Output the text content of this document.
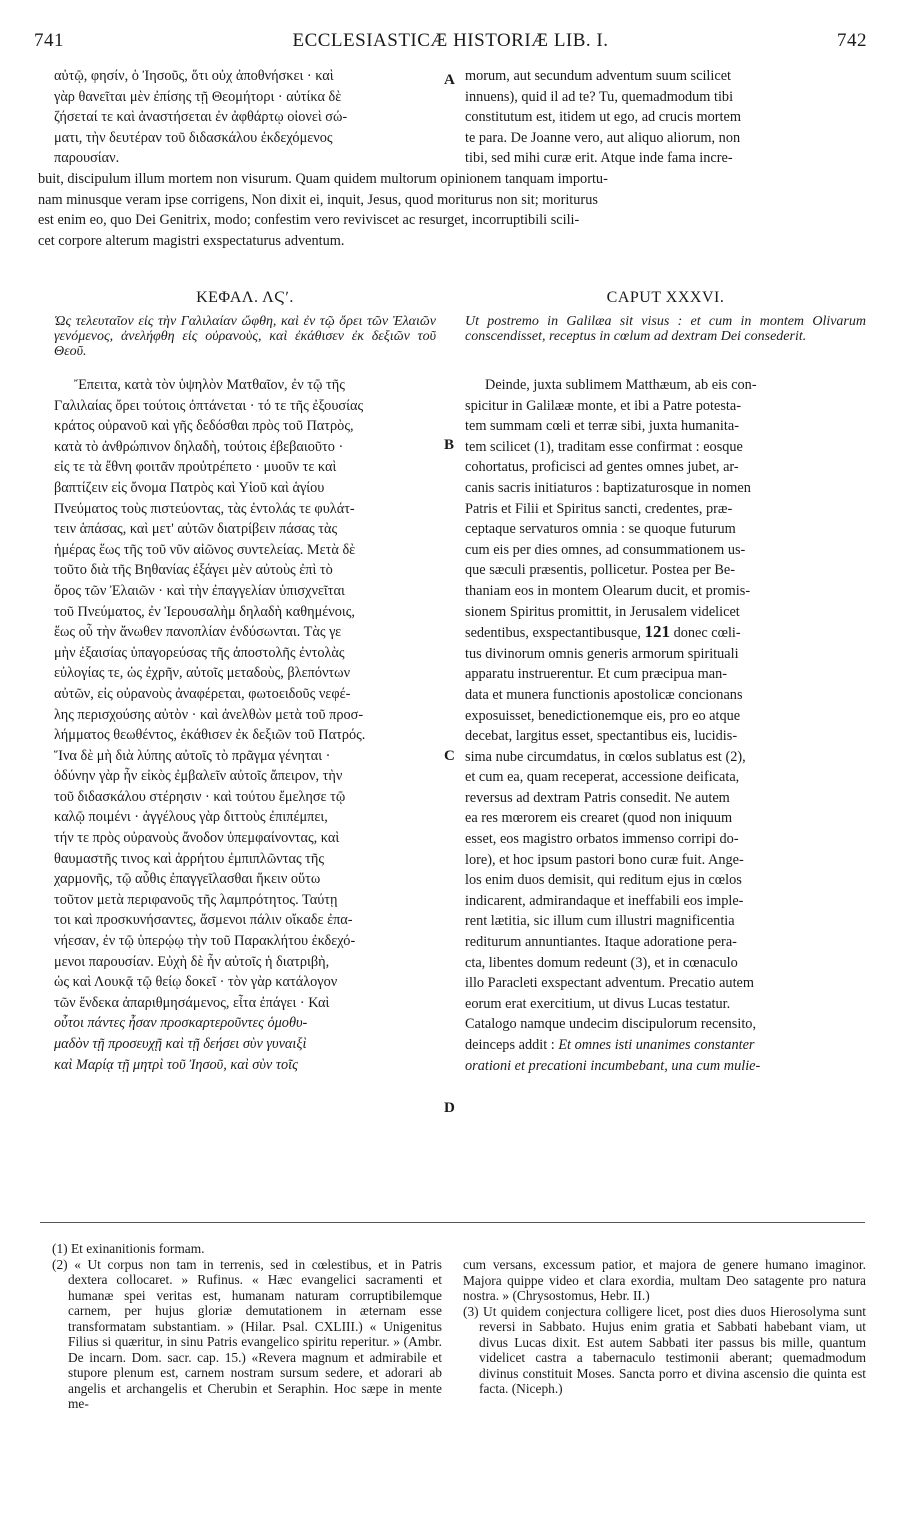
741	ECCLESIASTICÆ HISTORIÆ LIB. I.	742
αὐτῷ, φησίν, ὁ Ἰησοῦς, ὅτι οὐχ ἀποθνήσκει · καὶ
γὰρ θανεῖται μὲν ἐπίσης τῇ Θεομήτορι · αὐτίκα δὲ
ζήσεταί τε καὶ ἀναστήσεται ἐν ἀφθάρτῳ οἰονεὶ σώ-
ματι, τὴν δευτέραν τοῦ διδασκάλου ἐκδεχόμενος
παρουσίαν.
A morum, aut secundum adventum suum scilicet
innuens), quid il ad te? Tu, quemadmodum tibi
constitutum est, itidem ut ego, ad crucis mortem
te para. De Joanne vero, aut aliquo aliorum, non
tibi, sed mihi curæ erit. Atque inde fama incre-
buit, discipulum illum mortem non visurum. Quam quidem multorum opinionem tanquam importu-
nam minusque veram ipse corrigens, Non dixit ei, inquit, Jesus, quod moriturus non sit; moriturus
est enim eo, quo Dei Genitrix, modo; confestim vero reviviscet ac resurget, incorruptibili scili-
cet corpore alterum magistri exspectaturus adventum.
ΚΕΦΑΛ. ΛϚʹ.	CAPUT XXXVI.
Ὡς τελευταῖον εἰς τὴν Γαλιλαίαν ὤφθη, καὶ ἐν τῷ ὄρει τῶν Ἐλαιῶν γενόμενος, ἀνελήφθη εἰς οὐρανοὺς, καὶ ἐκάθισεν ἐκ δεξιῶν τοῦ Θεοῦ.
Ut postremo in Galilæa sit visus : et cum in montem Olivarum conscendisset, receptus in cœlum ad dextram Dei consederit.
Ἔπειτα, κατὰ τὸν ὑψηλὸν Ματθαῖον, ἐν τῷ τῆς
Γαλιλαίας ὄρει τούτοις ὀπτάνεται · τό τε τῆς ἐξουσίας
κράτος οὐρανοῦ καὶ γῆς δεδόσθαι πρὸς τοῦ Πατρὸς,
κατὰ τὸ ἀνθρώπινον δηλαδὴ, τούτοις ἐβεβαιοῦτο ·
εἰς τε τὰ ἔθνη φοιτᾶν προὐτρέπετο · μυοῦν τε καὶ
βαπτίζειν εἰς ὄνομα Πατρὸς καὶ Υἱοῦ καὶ ἁγίου
Πνεύματος τοὺς πιστεύοντας, τὰς ἐντολάς τε φυλάτ-
τειν ἁπάσας, καὶ μετ' αὐτῶν διατρίβειν πάσας τὰς
ἡμέρας ἕως τῆς τοῦ νῦν αἰῶνος συντελείας. Μετὰ δὲ
τοῦτο διὰ τῆς Βηθανίας ἐξάγει μὲν αὐτοὺς ἐπὶ τὸ
ὄρος τῶν Ἐλαιῶν · καὶ τὴν ἐπαγγελίαν ὑπισχνεῖται
τοῦ Πνεύματος, ἐν Ἰερουσαλὴμ δηλαδὴ καθημένοις,
ἕως οὗ τὴν ἄνωθεν πανοπλίαν ἐνδύσωνται. Τὰς γε
μὴν ἐξαισίας ὑπαγορεύσας τῆς ἀποστολῆς ἐντολὰς
εὐλογίας τε, ὡς ἐχρῆν, αὐτοῖς μεταδοὺς, βλεπόντων
αὐτῶν, εἰς οὐρανοὺς ἀναφέρεται, φωτοειδοῦς νεφέ-
λης περισχούσης αὐτὸν · καὶ ἀνελθὼν μετὰ τοῦ προσ-
λήμματος θεωθέντος, ἐκάθισεν ἐκ δεξιῶν τοῦ Πατρός.
Ἵνα δὲ μὴ διὰ λύπης αὐτοῖς τὸ πρᾶγμα γένηται ·
ὀδύνην γὰρ ἦν εἰκὸς ἐμβαλεῖν αὐτοῖς ἄπειρον, τὴν
τοῦ διδασκάλου στέρησιν · καὶ τούτου ἔμελησε τῷ
καλῷ ποιμένι · ἀγγέλους γὰρ διττοὺς ἐπιπέμπει,
τήν τε πρὸς οὐρανοὺς ἄνοδον ὑπεμφαίνοντας, καὶ
θαυμαστῆς τινος καὶ ἀρρήτου ἐμπιπλῶντας τῆς
χαρμονῆς, τῷ αὖθις ἐπαγγεῖλασθαι ἥκειν οὕτω
τοῦτον μετὰ περιφανοῦς τῆς λαμπρότητος. Ταύτῃ
τοι καὶ προσκυνήσαντες, ἄσμενοι πάλιν οἴκαδε ἐπα-
νήεσαν, ἐν τῷ ὑπερῴῳ τὴν τοῦ Παρακλήτου ἐκδεχό-
μενοι παρουσίαν. Εὐχὴ δὲ ἦν αὐτοῖς ἡ διατριβὴ,
ὡς καὶ Λουκᾷ τῷ θείῳ δοκεῖ · τὸν γὰρ κατάλογον
τῶν ἕνδεκα ἀπαριθμησάμενος, εἶτα ἐπάγει · Καὶ
οὗτοι πάντες ἦσαν προσκαρτεροῦντες ὁμοθυ-
μαδὸν τῇ προσευχῇ καὶ τῇ δεήσει σὺν γυναιξὶ
καὶ Μαρίᾳ τῇ μητρὶ τοῦ Ἰησοῦ, καὶ σὺν τοῖς
B
C
D
Deinde, juxta sublimem Matthæum, ab eis con-
spicitur in Galilææ monte, et ibi a Patre potesta-
tem summam cœli et terræ sibi, juxta humanita-
tem scilicet (1), traditam esse confirmat : eosque
cohortatus, proficisci ad gentes omnes jubet, ar-
canis sacris initiaturos : baptizaturosque in nomen
Patris et Filii et Spiritus sancti, credentes, præ-
ceptaque servaturos omnia : se quoque futurum
cum eis per dies omnes, ad consummationem us-
que sæculi præsentis, pollicetur. Postea per Be-
thaniam eos in montem Olearum ducit, et promis-
sionem Spiritus promittit, in Jerusalem videlicet
sedentibus, exspectantibusque, 121 donec cœli-
tus divinorum omnis generis armorum spirituali
apparatu instruerentur. Et cum præcipua man-
data et munera functionis apostolicæ concionans
exposuisset, benedictionemque eis, pro eo atque
decebat, largitus esset, spectantibus eis, lucidis-
sima nube circumdatus, in cœlos sublatus est (2),
et cum ea, quam receperat, accessione deificata,
reversus ad dextram Patris consedit. Ne autem
ea res mœrorem eis crearet (quod non iniquum
esset, eos magistro orbatos immenso corripi do-
lore), et hoc ipsum pastori bono curæ fuit. Ange-
los enim duos demisit, qui reditum ejus in cœlos
indicarent, admirandaque et ineffabili eos imple-
rent lætitia, sic illum cum illustri magnificentia
rediturum annuntiantes. Itaque adoratione pera-
cta, libentes domum redeunt (3), et in cœnaculo
illo Paracleti exspectant adventum. Precatio autem
eorum erat exercitium, ut divus Lucas testatur.
Catalogo namque undecim discipulorum recensito,
deinceps addit : Et omnes isti unanimes constanter
orationi et precationi incumbebant, una cum mulie-

(1) Et exinanitionis formam.

(2) « Ut corpus non tam in terrenis, sed in cœlestibus, et in Patris dextera collocaret. » Rufinus. « Hæc evangelici sacramenti et humanæ spei veritas est, humanam naturam corruptibilemque carnem, per hujus gloriæ demutationem in æternam esse transformatam substantiam. » (Hilar. Psal. CXLIII.) « Unigenitus Filius si quæritur, in sinu Patris evangelico spiritu reperitur. » (Ambr. De incarn. Dom. sacr. cap. 15.) «Revera magnum et admirabile et stupore plenum est, carnem nostram sursum sedere, et adorari ab angelis et archangelis et Cherubin et Seraphin. Hoc sæpe in mente me-

cum versans, excessum patior, et majora de genere humano imaginor. Majora quippe video et clara exordia, multam Deo satagente pro natura nostra. » (Chrysostomus, Hebr. II.)

(3) Ut quidem conjectura colligere licet, post dies duos Hierosolyma sunt reversi in Sabbato. Hujus enim gratia et Sabbati habebant viam, ut divus Lucas dixit. Est autem Sabbati iter passus bis mille, quantum videlicet castra a tabernaculo testimonii aberant; quemadmodum divinus constituit Moses. Sancta porro et divina ascensio die quinta est facta. (Niceph.)
